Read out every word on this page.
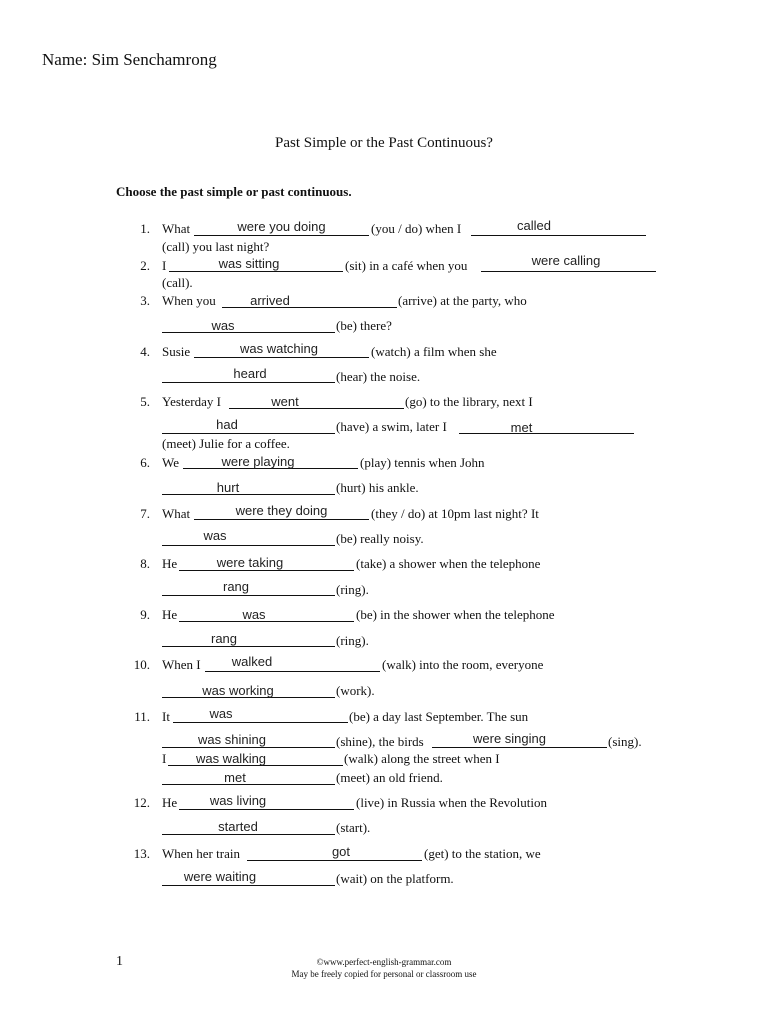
Name: Sim Senchamrong
Past Simple or the Past Continuous?
Choose the past simple or past continuous.
1. What	were you doing	(you / do) when I	called
(call) you last night?
2. I	was sitting	(sit) in a café when you	were calling
(call).
3. When you	arrived	(arrive) at the party, who
was	(be) there?
4. Susie	was watching	(watch) a film when she
heard	(hear) the noise.
5. Yesterday I	went	(go) to the library, next I
had	(have) a swim, later I	met
(meet) Julie for a coffee.
6. We	were playing	(play) tennis when John
hurt	(hurt) his ankle.
7. What	were they doing	(they / do) at 10pm last night? It
was	(be) really noisy.
8. He	were taking	(take) a shower when the telephone
rang	(ring).
9. He	was	(be) in the shower when the telephone
rang	(ring).
10. When I	walked	(walk) into the room, everyone
was working	(work).
11. It	was	(be) a day last September. The sun
was shining	(shine), the birds	were singing	(sing).
I	was walking	(walk) along the street when I
met	(meet) an old friend.
12. He	was living	(live) in Russia when the Revolution
started	(start).
13. When her train	got	(get) to the station, we
were waiting	(wait) on the platform.
1	©www.perfect-english-grammar.com
May be freely copied for personal or classroom use
